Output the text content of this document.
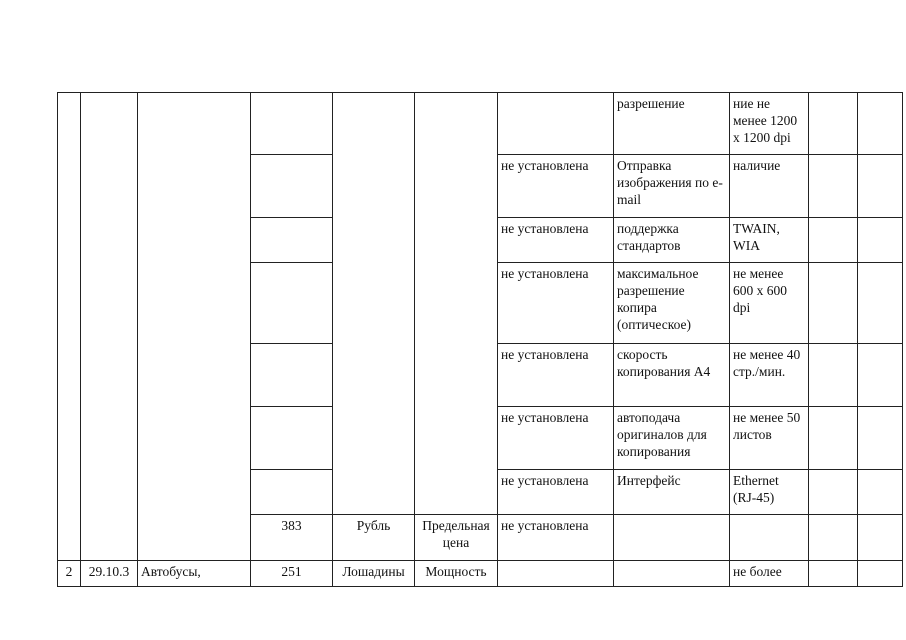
							разрешение	ние не менее 1200 х 1200 dpi		
						не установлена	Отправка изображения по e-mail	наличие		
						не установлена	поддержка стандартов	TWAIN, WIA		
						не установлена	максимальное разрешение копира (оптическое)	не менее 600 х 600 dpi		
						не установлена	скорость копирования А4	не менее 40 стр./мин.		
						не установлена	автоподача оригиналов для копирования	не менее 50 листов		
						не установлена	Интерфейс	Ethernet (RJ-45)		
			383	Рубль	Предельная цена	не установлена				
2	29.10.3	Автобусы,	251	Лошадины	Мощность			не более		
